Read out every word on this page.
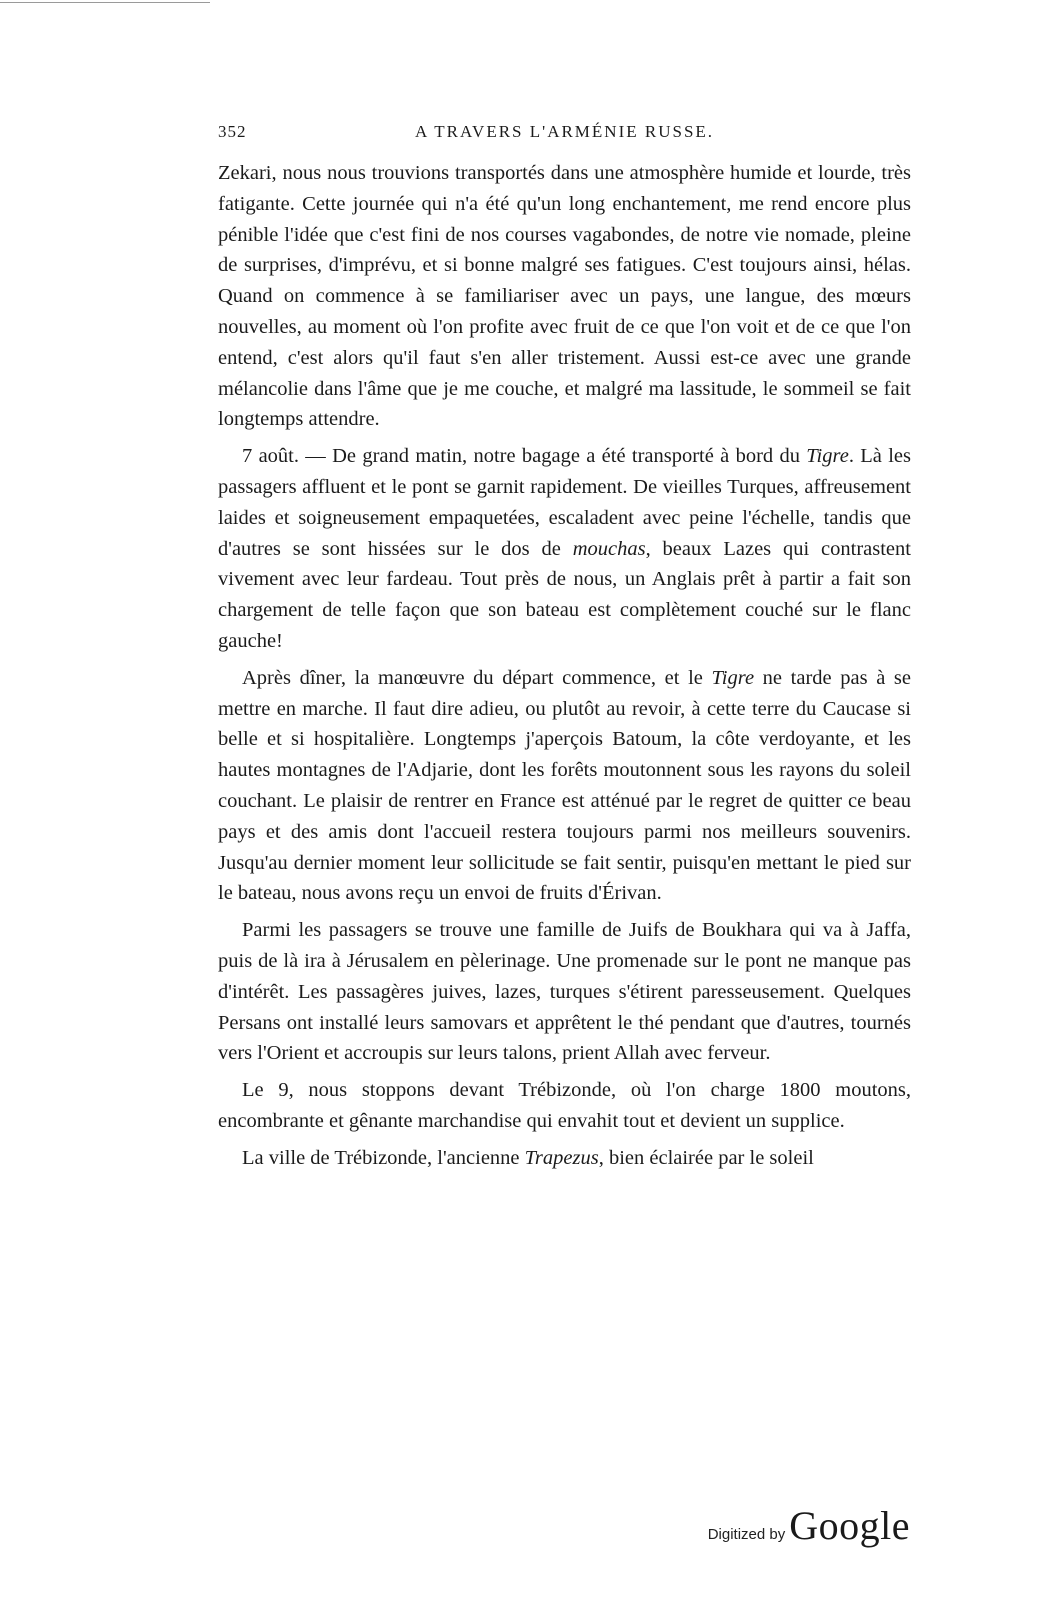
352	A TRAVERS L'ARMÉNIE RUSSE.

Zekari, nous nous trouvions transportés dans une atmosphère humide et lourde, très fatigante. Cette journée qui n'a été qu'un long enchantement, me rend encore plus pénible l'idée que c'est fini de nos courses vagabondes, de notre vie nomade, pleine de surprises, d'imprévu, et si bonne malgré ses fatigues. C'est toujours ainsi, hélas. Quand on commence à se familiariser avec un pays, une langue, des mœurs nouvelles, au moment où l'on profite avec fruit de ce que l'on voit et de ce que l'on entend, c'est alors qu'il faut s'en aller tristement. Aussi est-ce avec une grande mélancolie dans l'âme que je me couche, et malgré ma lassitude, le sommeil se fait longtemps attendre.

7 août. — De grand matin, notre bagage a été transporté à bord du Tigre. Là les passagers affluent et le pont se garnit rapidement. De vieilles Turques, affreusement laides et soigneusement empaquetées, escaladent avec peine l'échelle, tandis que d'autres se sont hissées sur le dos de mouchas, beaux Lazes qui contrastent vivement avec leur fardeau. Tout près de nous, un Anglais prêt à partir a fait son chargement de telle façon que son bateau est complètement couché sur le flanc gauche!

Après dîner, la manœuvre du départ commence, et le Tigre ne tarde pas à se mettre en marche. Il faut dire adieu, ou plutôt au revoir, à cette terre du Caucase si belle et si hospitalière. Longtemps j'aperçois Batoum, la côte verdoyante, et les hautes montagnes de l'Adjarie, dont les forêts moutonnent sous les rayons du soleil couchant. Le plaisir de rentrer en France est atténué par le regret de quitter ce beau pays et des amis dont l'accueil restera toujours parmi nos meilleurs souvenirs. Jusqu'au dernier moment leur sollicitude se fait sentir, puisqu'en mettant le pied sur le bateau, nous avons reçu un envoi de fruits d'Érivan.

Parmi les passagers se trouve une famille de Juifs de Boukhara qui va à Jaffa, puis de là ira à Jérusalem en pèlerinage. Une promenade sur le pont ne manque pas d'intérêt. Les passagères juives, lazes, turques s'étirent paresseusement. Quelques Persans ont installé leurs samovars et apprêtent le thé pendant que d'autres, tournés vers l'Orient et accroupis sur leurs talons, prient Allah avec ferveur.

Le 9, nous stoppons devant Trébizonde, où l'on charge 1800 moutons, encombrante et gênante marchandise qui envahit tout et devient un supplice.

La ville de Trébizonde, l'ancienne Trapezus, bien éclairée par le soleil

Digitized by Google
